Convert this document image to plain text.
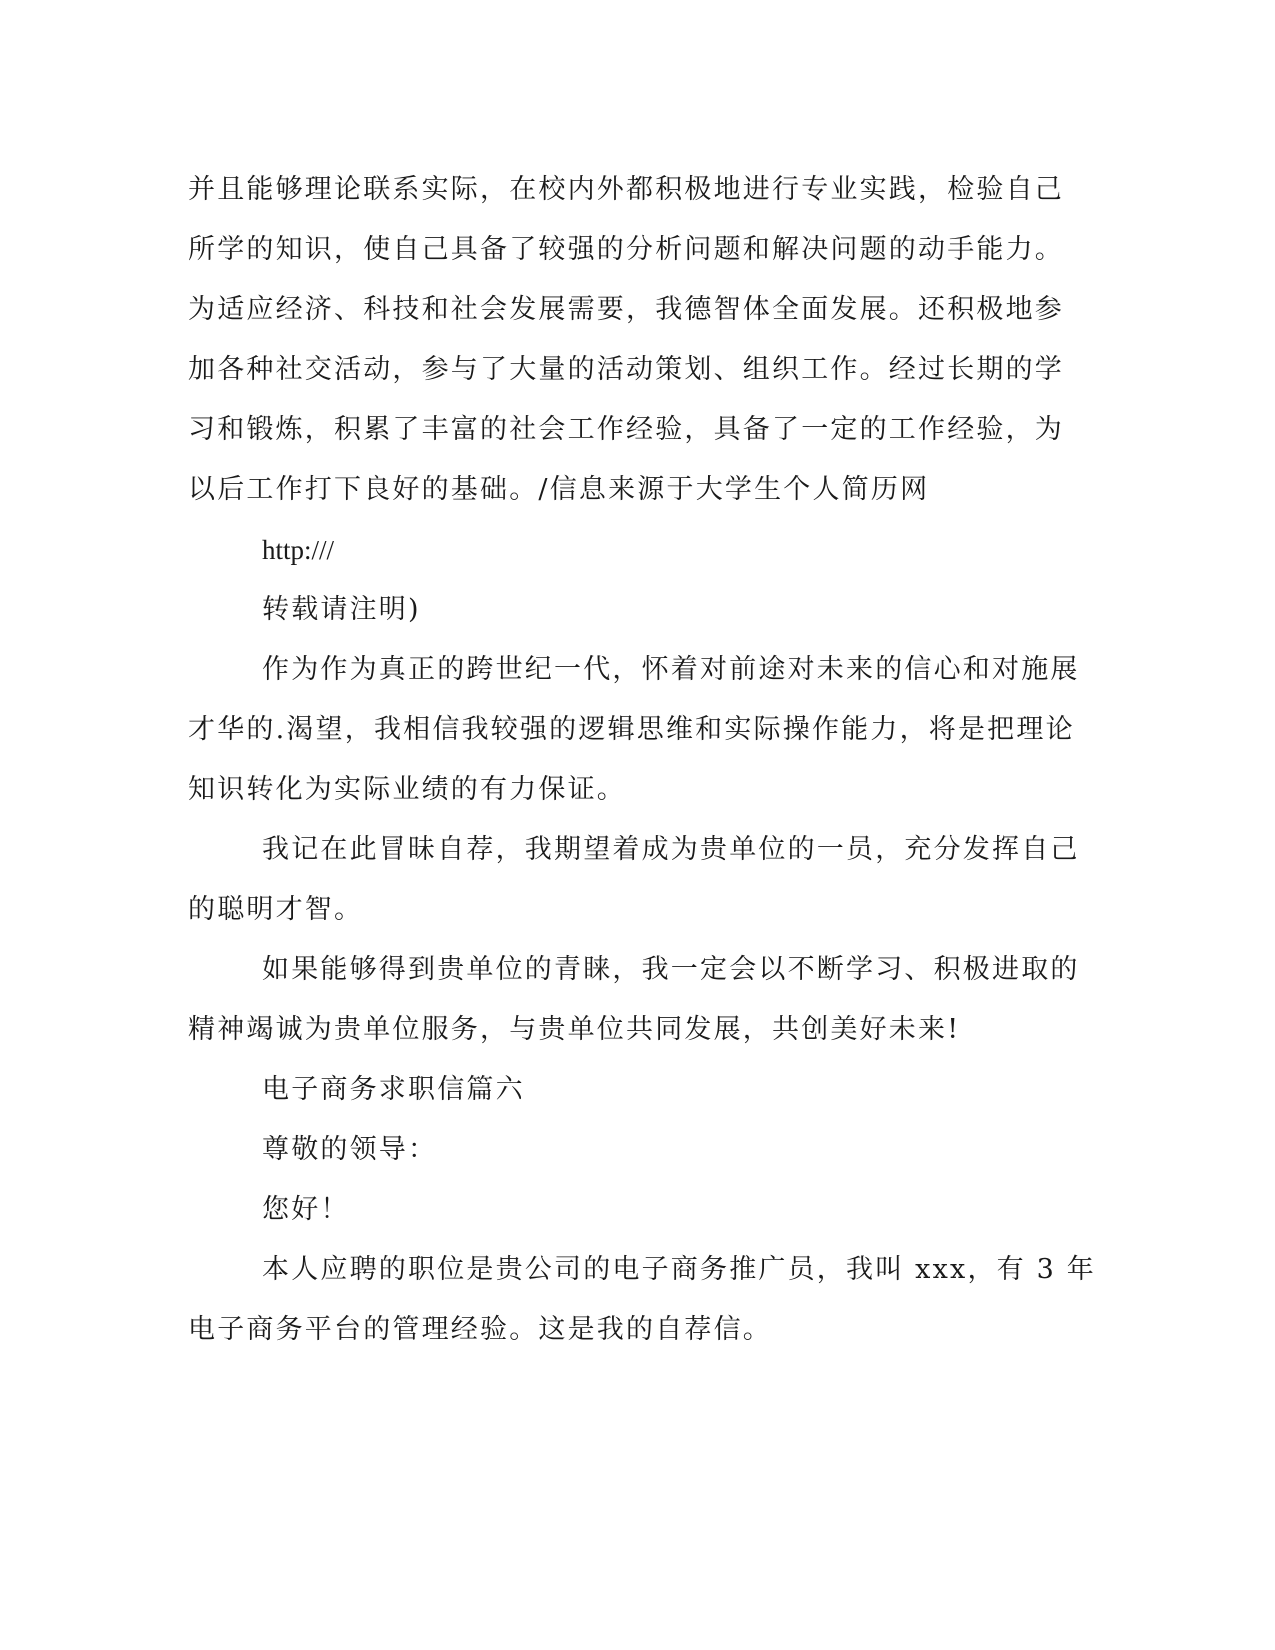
并且能够理论联系实际，在校内外都积极地进行专业实践，检验自己
所学的知识，使自己具备了较强的分析问题和解决问题的动手能力。
为适应经济、科技和社会发展需要，我德智体全面发展。还积极地参
加各种社交活动，参与了大量的活动策划、组织工作。经过长期的学
习和锻炼，积累了丰富的社会工作经验，具备了一定的工作经验，为
以后工作打下良好的基础。/信息来源于大学生个人简历网
http:///
转载请注明)
作为作为真正的跨世纪一代，怀着对前途对未来的信心和对施展
才华的.渴望，我相信我较强的逻辑思维和实际操作能力，将是把理论
知识转化为实际业绩的有力保证。
我记在此冒昧自荐，我期望着成为贵单位的一员，充分发挥自己
的聪明才智。
如果能够得到贵单位的青睐，我一定会以不断学习、积极进取的
精神竭诚为贵单位服务，与贵单位共同发展，共创美好未来!
电子商务求职信篇六
尊敬的领导：
您好！
本人应聘的职位是贵公司的电子商务推广员，我叫 xxx，有 3 年
电子商务平台的管理经验。这是我的自荐信。
